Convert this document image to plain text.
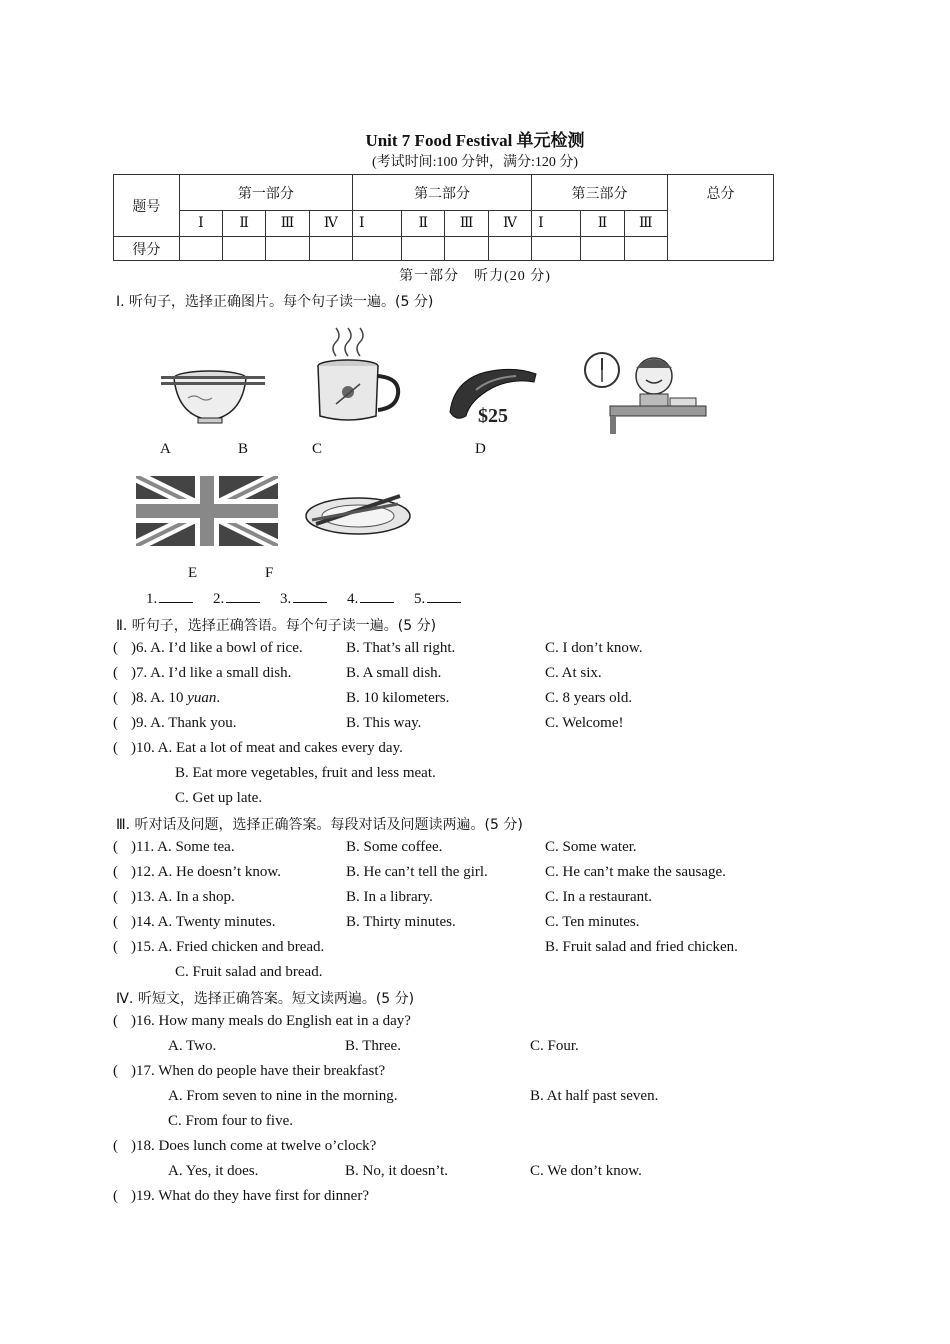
Unit 7 Food Festival 单元检测
(考试时间:100 分钟，满分:120 分)
题号	第一部分				第二部分				第三部分			总分
	Ⅰ	Ⅱ	Ⅲ	Ⅳ	Ⅰ	Ⅱ	Ⅲ	Ⅳ	Ⅰ	Ⅱ	Ⅲ	
得分												
第一部分　听力(20 分)
Ⅰ. 听句子，选择正确图片。每个句子读一遍。(5 分)
$25
A	B	C	D
E	F
1.	2.	3.	4.	5.
Ⅱ. 听句子，选择正确答语。每个句子读一遍。(5 分)
( )6. A. I’d like a bowl of rice.	B. That’s all right.	C. I don’t know.
( )7. A. I’d like a small dish.	B. A small dish.	C. At six.
( )8. A. 10 yuan.	B. 10 kilometers.	C. 8 years old.
( )9. A. Thank you.	B. This way.	C. Welcome!
( )10. A. Eat a lot of meat and cakes every day.
B. Eat more vegetables, fruit and less meat.
C. Get up late.
Ⅲ. 听对话及问题，选择正确答案。每段对话及问题读两遍。(5 分)
( )11. A. Some tea.	B. Some coffee.	C. Some water.
( )12. A. He doesn’t know.	B. He can’t tell the girl.	C. He can’t make the sausage.
( )13. A. In a shop.	B. In a library.	C. In a restaurant.
( )14. A. Twenty minutes.	B. Thirty minutes.	C. Ten minutes.
( )15. A. Fried chicken and bread.	B. Fruit salad and fried chicken.
C. Fruit salad and bread.
Ⅳ. 听短文，选择正确答案。短文读两遍。(5 分)
( )16. How many meals do English eat in a day?
A. Two.	B. Three.	C. Four.
( )17. When do people have their breakfast?
A. From seven to nine in the morning.	B. At half past seven.
C. From four to five.
( )18. Does lunch come at twelve o’clock?
A. Yes, it does.	B. No, it doesn’t.	C. We don’t know.
( )19. What do they have first for dinner?
